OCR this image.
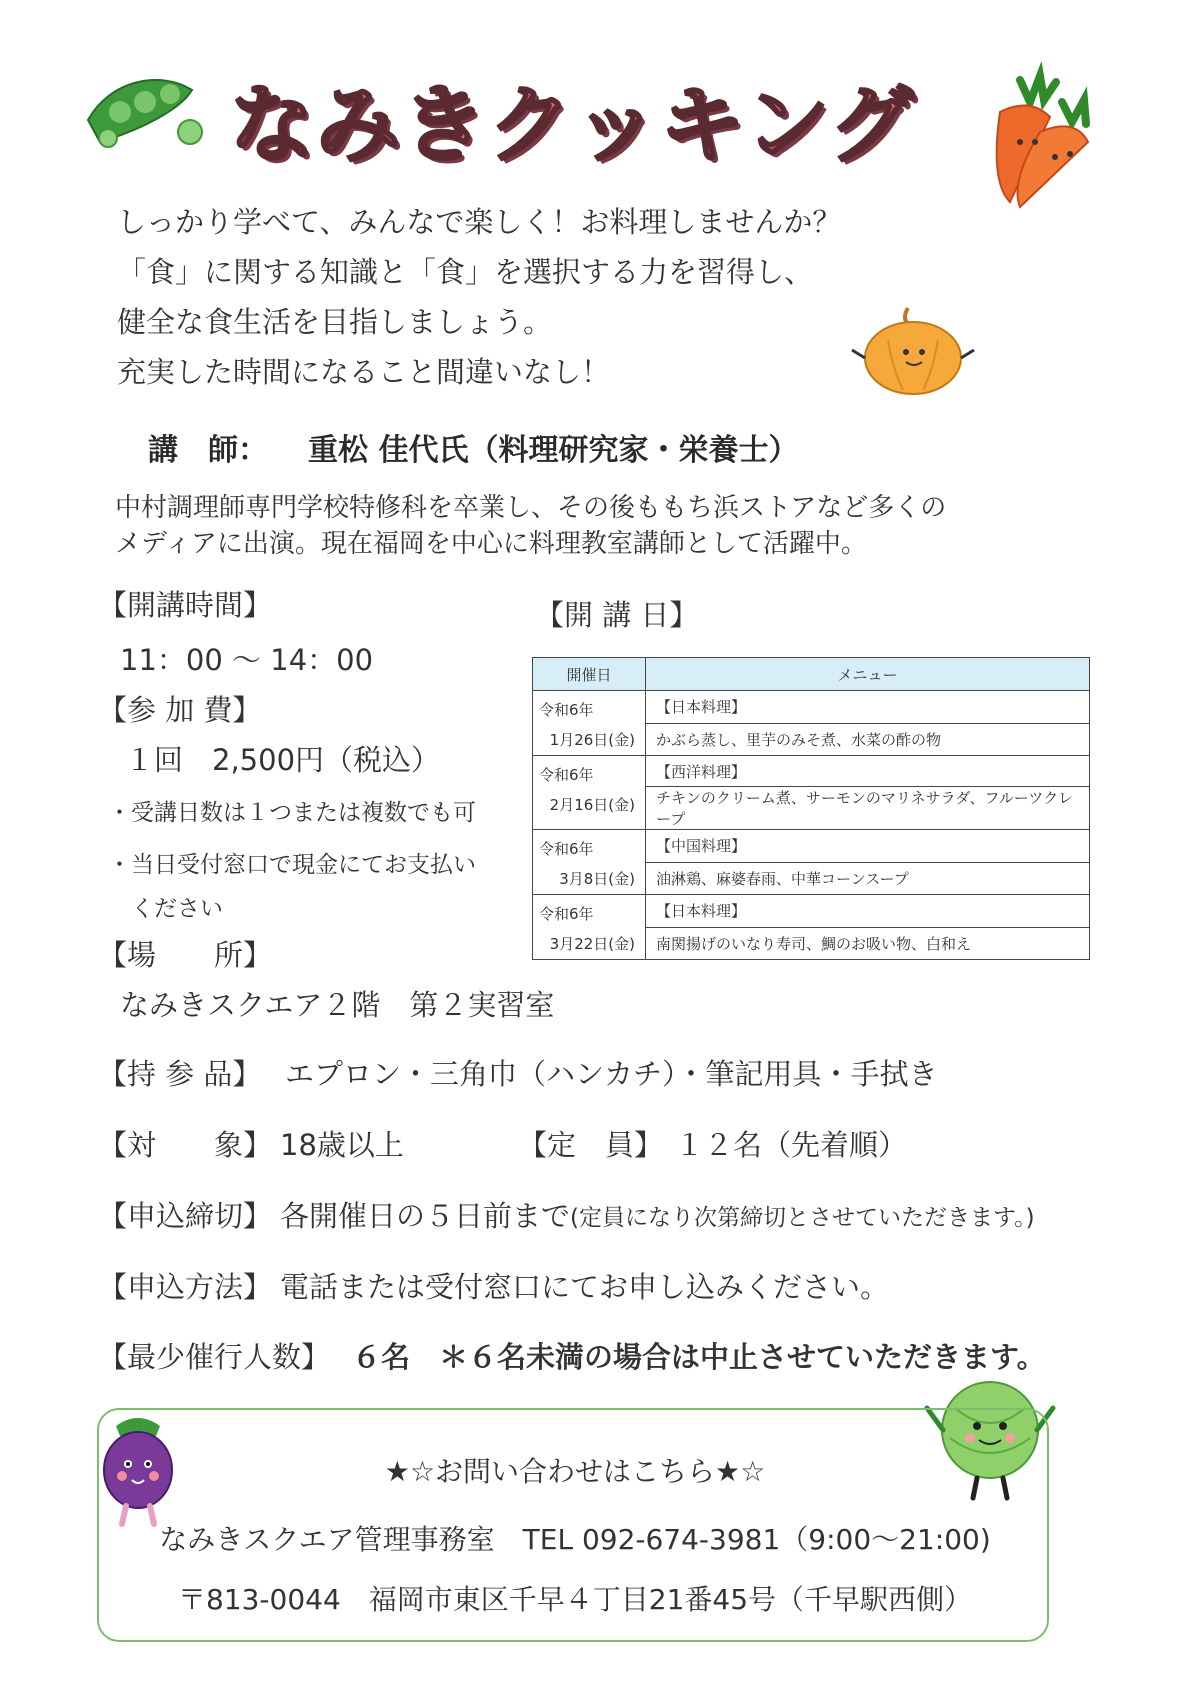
なみきクッキング
しっかり学べて、みんなで楽しく！お料理しませんか？
「食」に関する知識と「食」を選択する力を習得し、
健全な食生活を目指しましょう。
充実した時間になること間違いなし！
講　師： 重松 佳代氏（料理研究家・栄養士）
中村調理師専門学校特修科を卒業し、その後ももち浜ストアなど多くの
メディアに出演。現在福岡を中心に料理教室講師として活躍中。
【開講時間】
11：00 ～ 14：00
【参 加 費】
１回　2,500円（税込）
・受講日数は１つまたは複数でも可
・当日受付窓口で現金にてお支払い
　ください
【開 講 日】
開催日	メニュー

令和6年
1月26日(金)	【日本料理】
	かぶら蒸し、里芋のみそ煮、水菜の酢の物

令和6年
2月16日(金)	【西洋料理】
	チキンのクリーム煮、サーモンのマリネサラダ、フルーツクレープ

令和6年
3月8日(金)	【中国料理】
	油淋鶏、麻婆春雨、中華コーンスープ

令和6年
3月22日(金)	【日本料理】
	南関揚げのいなり寿司、鯛のお吸い物、白和え
【場　　所】
なみきスクエア２階　第２実習室
【持 参 品】 エプロン・三角巾（ハンカチ）・筆記用具・手拭き
【対　　象】 18歳以上	【定　員】 １２名（先着順）
【申込締切】 各開催日の５日前まで (定員になり次第締切とさせていただきます。)
【申込方法】 電話または受付窓口にてお申し込みください。
【最少催行人数】 ６名　＊６名未満の場合は中止させていただきます。
★☆お問い合わせはこちら★☆
なみきスクエア管理事務室　TEL 092-674-3981（9:00～21:00)
〒813-0044　福岡市東区千早４丁目21番45号（千早駅西側）
